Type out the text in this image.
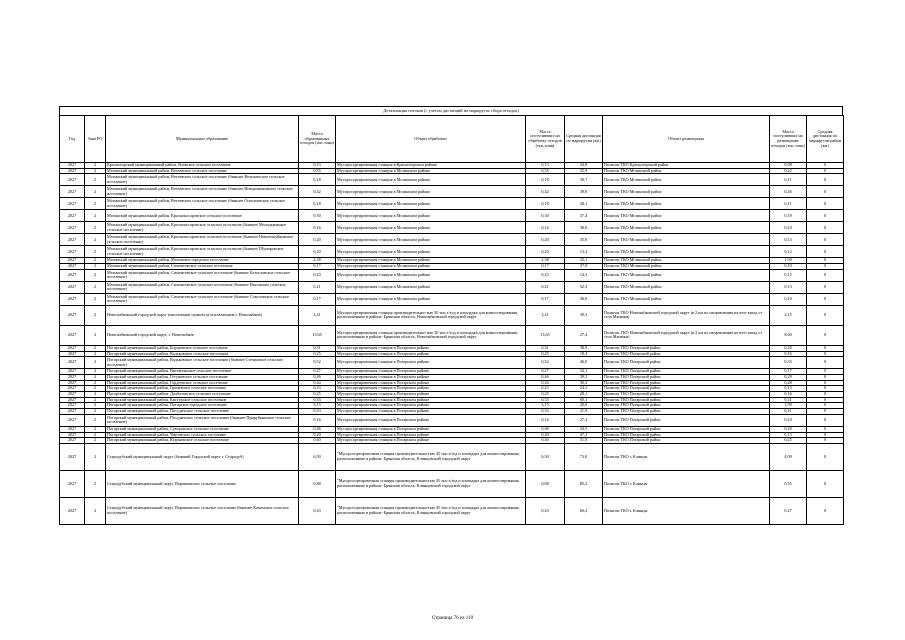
Детализация потоков (с учетом дистанций на маршрутах сбора отходов)
Год	Зона РО	Муниципальное образование	Масса образованных отходов (тыс.тонн)	Объект обработки	Масса поступивших на обработку отходов (тыс.тонн)	Средняя дистанция по маршрутам (км)	Объект размещения	Масса поступивших на размещение отходов (тыс.тонн)	Средняя дистанция по маршрутам район (км)
2027	2	Красногорский муниципальный район, Яловское сельское поселение	0,13	Мусоросортировочная станция в Красногорском районе	0,13	24,8	Полигон ТКО Красногорский район	0,08	0
2027	2	Мглинский муниципальный район, Ветлевское сельское поселение	0,35	Мусоросортировочная станция в Мглинском районе	0,35	25,9	Полигон ТКО Мглинский район	0,22	0
2027	2	Мглинский муниципальный район, Ветлевское сельское поселение (бывшее Вельжичское сельское поселение)	0,18	Мусоросортировочная станция в Мглинском районе	0,18	30,7	Полигон ТКО Мглинский район	0,11	0
2027	2	Мглинский муниципальный район, Ветлевское сельское поселение (бывшее Новоромановское сельское поселение)	0,42	Мусоросортировочная станция в Мглинском районе	0,42	39,8	Полигон ТКО Мглинский район	0,26	0
2027	2	Мглинский муниципальный район, Ветлевское сельское поселение (бывшее Осколковское сельское поселение)	0,18	Мусоросортировочная станция в Мглинском районе	0,18	28,1	Полигон ТКО Мглинский район	0,11	0
2027	2	Мглинский муниципальный район, Краснокосаровское сельское поселение	0,30	Мусоросортировочная станция в Мглинском районе	0,30	37,4	Полигон ТКО Мглинский район	0,19	0
2027	2	Мглинский муниципальный район, Краснокосаровское сельское поселение (бывшее Молодьковское сельское поселение)	0,16	Мусоросортировочная станция в Мглинском районе	0,16	38,0	Полигон ТКО Мглинский район	0,10	0
2027	2	Мглинский муниципальный район, Краснокосаровское сельское поселение (бывшее Новочешуйковское сельское поселение)	0,20	Мусоросортировочная станция в Мглинском районе	0,20	35,8	Полигон ТКО Мглинский район	0,13	0
2027	2	Мглинский муниципальный район, Краснокосаровское сельское поселение (бывшее Шумаровское сельское поселение)	0,20	Мусоросортировочная станция в Мглинском районе	0,20	13,4	Полигон ТКО Мглинский район	0,12	0
2027	2	Мглинский муниципальный район, Мглинское городское поселение	2,38	Мусоросортировочная станция в Мглинском районе	2,38	25,1	Полигон ТКО Мглинский район	1,50	0
2027	2	Мглинский муниципальный район, Симонтовское сельское поселение	0,17	Мусоросортировочная станция в Мглинском районе	0,17	37,9	Полигон ТКО Мглинский район	0,10	0
2027	2	Мглинский муниципальный район, Симонтовское сельское поселение (бывшее Белоглавское сельское поселение)	0,23	Мусоросортировочная станция в Мглинском районе	0,23	14,3	Полигон ТКО Мглинский район	0,15	0
2027	2	Мглинский муниципальный район, Симонтовское сельское поселение (бывшее Высокское сельское поселение)	0,21	Мусоросортировочная станция в Мглинском районе	0,21	32,3	Полигон ТКО Мглинский район	0,13	0
2027	2	Мглинский муниципальный район, Симонтовское сельское поселение (бывшее Соколовское сельское поселение)	0,17	Мусоросортировочная станция в Мглинском районе	0,17	36,0	Полигон ТКО Мглинский район	0,10	0
2027	2	Новозыбковский городской округ (населенные пункты за исключением г. Новозыбков)	3,41	Мусоросортировочная станция производительностью 30 тыс.т/год и площадка для компостирования, расположенные в районе: Брянская область, Новозыбковский городской округ	3,41	39,3	Полигон ТКО Новозыбковский городской округ (в 2 км по направлению на юго-запад от села Манюки)	2,15	0
2027	2	Новозыбковский городской округ, г. Новозыбков	13,65	Мусоросортировочная станция производительностью 30 тыс.т/год и площадка для компостирования, расположенные в районе: Брянская область, Новозыбковский городской округ	13,65	27,4	Полигон ТКО Новозыбковский городской округ (в 2 км по направлению на юго-запад от села Манюки)	8,60	0
2027	2	Погарский муниципальный район, Борщовское сельское поселение	0,31	Мусоросортировочная станция в Погарском районе	0,31	38,9	Полигон ТКО Погарский район	0,20	0
2027	2	Погарский муниципальный район, Вадьковское сельское поселение	0,25	Мусоросортировочная станция в Погарском районе	0,25	18,4	Полигон ТКО Погарский район	0,16	0
2027	2	Погарский муниципальный район, Вадьковское сельское поселение (бывшее Стечинское сельское поселение)	0,52	Мусоросортировочная станция в Погарском районе	0,52	46,0	Полигон ТКО Погарский район	0,33	0
2027	2	Погарский муниципальный район, Витемлянское сельское поселение	0,27	Мусоросортировочная станция в Погарском районе	0,27	54,1	Полигон ТКО Погарский район	0,17	0
2027	2	Погарский муниципальный район, Гетуновское сельское поселение	0,46	Мусоросортировочная станция в Погарском районе	0,46	39,5	Полигон ТКО Погарский район	0,29	0
2027	2	Погарский муниципальный район, Гордеевское сельское поселение	0,44	Мусоросортировочная станция в Погарском районе	0,44	36,2	Полигон ТКО Погарский район	0,28	0
2027	2	Погарский муниципальный район, Гринёвское сельское поселение	0,23	Мусоросортировочная станция в Погарском районе	0,23	24,3	Полигон ТКО Погарский район	0,15	0
2027	2	Погарский муниципальный район, Долботовское сельское поселение	0,25	Мусоросортировочная станция в Погарском районе	0,25	28,1	Полигон ТКО Погарский район	0,16	0
2027	2	Погарский муниципальный район, Кистерское сельское поселение	0,33	Мусоросортировочная станция в Погарском районе	0,33	60,1	Полигон ТКО Погарский район	0,21	0
2027	2	Погарский муниципальный район, Погарское городское поселение	3,15	Мусоросортировочная станция в Погарском районе	3,15	20,0	Полигон ТКО Погарский район	1,99	0
2027	2	Погарский муниципальный район, Посудичское сельское поселение	0,33	Мусоросортировочная станция в Погарском районе	0,33	21,9	Полигон ТКО Погарский район	0,21	0
2027	2	Погарский муниципальный район, Посудичское сельское поселение (бывшее Прирубкинское сельское поселение)	0,16	Мусоросортировочная станция в Погарском районе	0,16	27,4	Полигон ТКО Погарский район	0,10	0
2027	2	Погарский муниципальный район, Суворовское сельское поселение	0,46	Мусоросортировочная станция в Погарском районе	0,46	24,5	Полигон ТКО Погарский район	0,29	0
2027	2	Погарский муниципальный район, Чаусовское сельское поселение	0,20	Мусоросортировочная станция в Погарском районе	0,20	47,2	Полигон ТКО Погарский район	0,13	0
2027	2	Погарский муниципальный район, Юдиновское сельское поселение	0,40	Мусоросортировочная станция в Погарском районе	0,40	31,0	Полигон ТКО Погарский район	0,25	0
2027	2	Стародубский муниципальный округ (бывший Городской округ г. Стародуб)	6,50	"Мусоросортировочная станция производительностью 45 тыс.т/год и площадка для компостирования, расположенные в районе: Брянская область, Клинцовский городской округ	6,50	73,0	Полигон ТКО г. Клинцы	4,09	0
2027	2	Стародубский муниципальный округ, Воронковское сельское поселение	0,88	"Мусоросортировочная станция производительностью 45 тыс.т/год и площадка для компостирования, расположенные в районе: Брянская область, Клинцовский городской округ	0,88	85,2	Полигон ТКО г. Клинцы	0,55	0
2027	2	Стародубский муниципальный округ, Воронковское сельское поселение (бывшее Каменское сельское поселение)	0,43	"Мусоросортировочная станция производительностью 45 тыс.т/год и площадка для компостирования, расположенные в районе: Брянская область, Клинцовский городской округ	0,43	66,2	Полигон ТКО г. Клинцы	0,27	0
Страница 76 из 110
